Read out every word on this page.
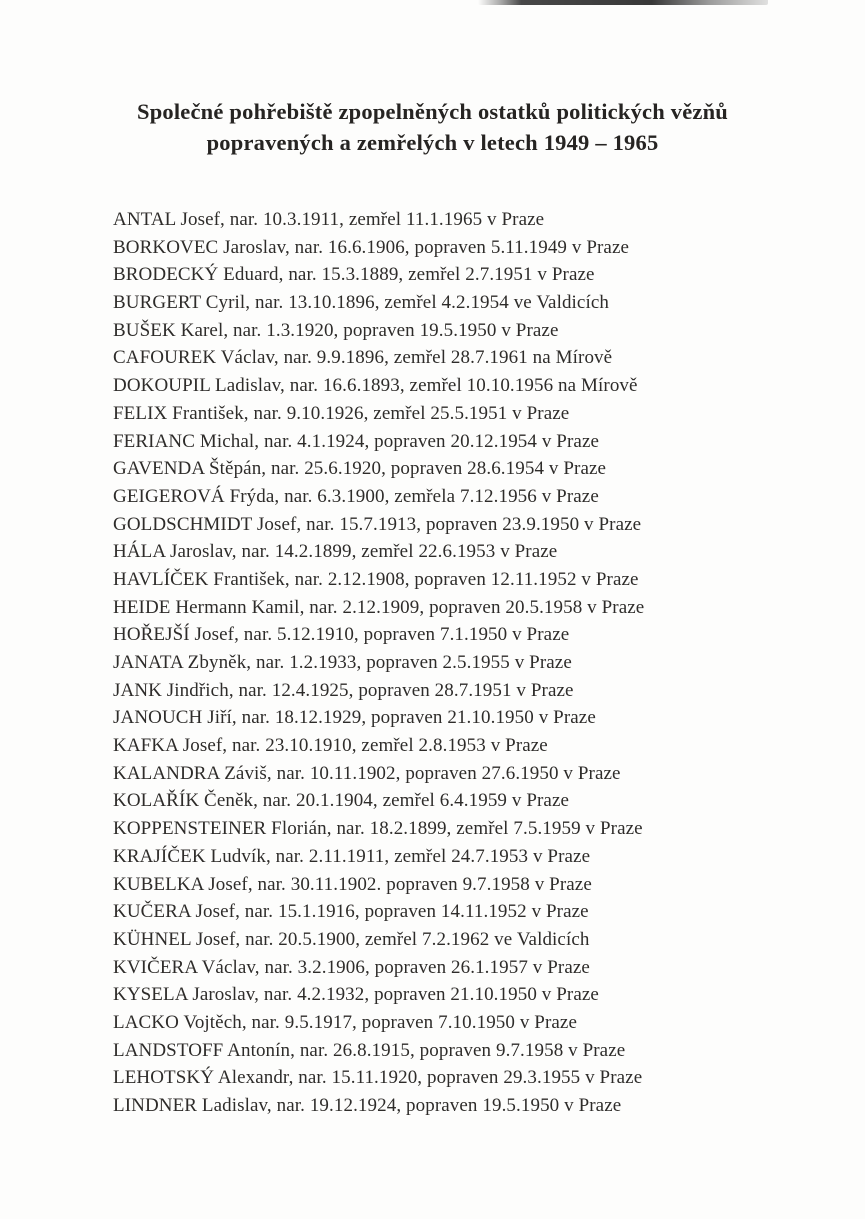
Společné pohřebiště zpopelněných ostatků politických vězňů
popravených a zemřelých v letech 1949 – 1965
ANTAL Josef, nar. 10.3.1911, zemřel 11.1.1965 v Praze
BORKOVEC Jaroslav, nar. 16.6.1906, popraven 5.11.1949 v Praze
BRODECKÝ Eduard, nar. 15.3.1889, zemřel 2.7.1951 v Praze
BURGERT Cyril, nar. 13.10.1896, zemřel 4.2.1954 ve Valdicích
BUŠEK Karel, nar. 1.3.1920, popraven 19.5.1950 v Praze
CAFOUREK Václav, nar. 9.9.1896, zemřel 28.7.1961 na Mírově
DOKOUPIL Ladislav, nar. 16.6.1893, zemřel 10.10.1956 na Mírově
FELIX František, nar. 9.10.1926, zemřel 25.5.1951 v Praze
FERIANC Michal, nar. 4.1.1924, popraven 20.12.1954 v Praze
GAVENDA Štěpán, nar. 25.6.1920, popraven 28.6.1954 v Praze
GEIGEROVÁ Frýda, nar. 6.3.1900, zemřela 7.12.1956 v Praze
GOLDSCHMIDT Josef, nar. 15.7.1913, popraven 23.9.1950 v Praze
HÁLA Jaroslav, nar. 14.2.1899, zemřel 22.6.1953 v Praze
HAVLÍČEK František, nar. 2.12.1908, popraven 12.11.1952 v Praze
HEIDE Hermann Kamil, nar. 2.12.1909, popraven 20.5.1958 v Praze
HOŘEJŠÍ Josef, nar. 5.12.1910, popraven 7.1.1950 v Praze
JANATA Zbyněk, nar. 1.2.1933, popraven 2.5.1955 v Praze
JANK Jindřich, nar. 12.4.1925, popraven 28.7.1951 v Praze
JANOUCH Jiří, nar. 18.12.1929, popraven 21.10.1950 v Praze
KAFKA Josef, nar. 23.10.1910, zemřel 2.8.1953 v Praze
KALANDRA Záviš, nar. 10.11.1902, popraven 27.6.1950 v Praze
KOLAŘÍK Čeněk, nar. 20.1.1904, zemřel 6.4.1959 v Praze
KOPPENSTEINER Florián, nar. 18.2.1899, zemřel 7.5.1959 v Praze
KRAJÍČEK Ludvík, nar. 2.11.1911, zemřel 24.7.1953 v Praze
KUBELKA Josef, nar. 30.11.1902. popraven 9.7.1958 v Praze
KUČERA Josef, nar. 15.1.1916, popraven 14.11.1952 v Praze
KÜHNEL Josef, nar. 20.5.1900, zemřel 7.2.1962 ve Valdicích
KVIČERA Václav, nar. 3.2.1906, popraven 26.1.1957 v Praze
KYSELA Jaroslav, nar. 4.2.1932, popraven 21.10.1950 v Praze
LACKO Vojtěch, nar. 9.5.1917, popraven 7.10.1950 v Praze
LANDSTOFF Antonín, nar. 26.8.1915, popraven 9.7.1958 v Praze
LEHOTSKÝ Alexandr, nar. 15.11.1920, popraven 29.3.1955 v Praze
LINDNER Ladislav, nar. 19.12.1924, popraven 19.5.1950 v Praze
